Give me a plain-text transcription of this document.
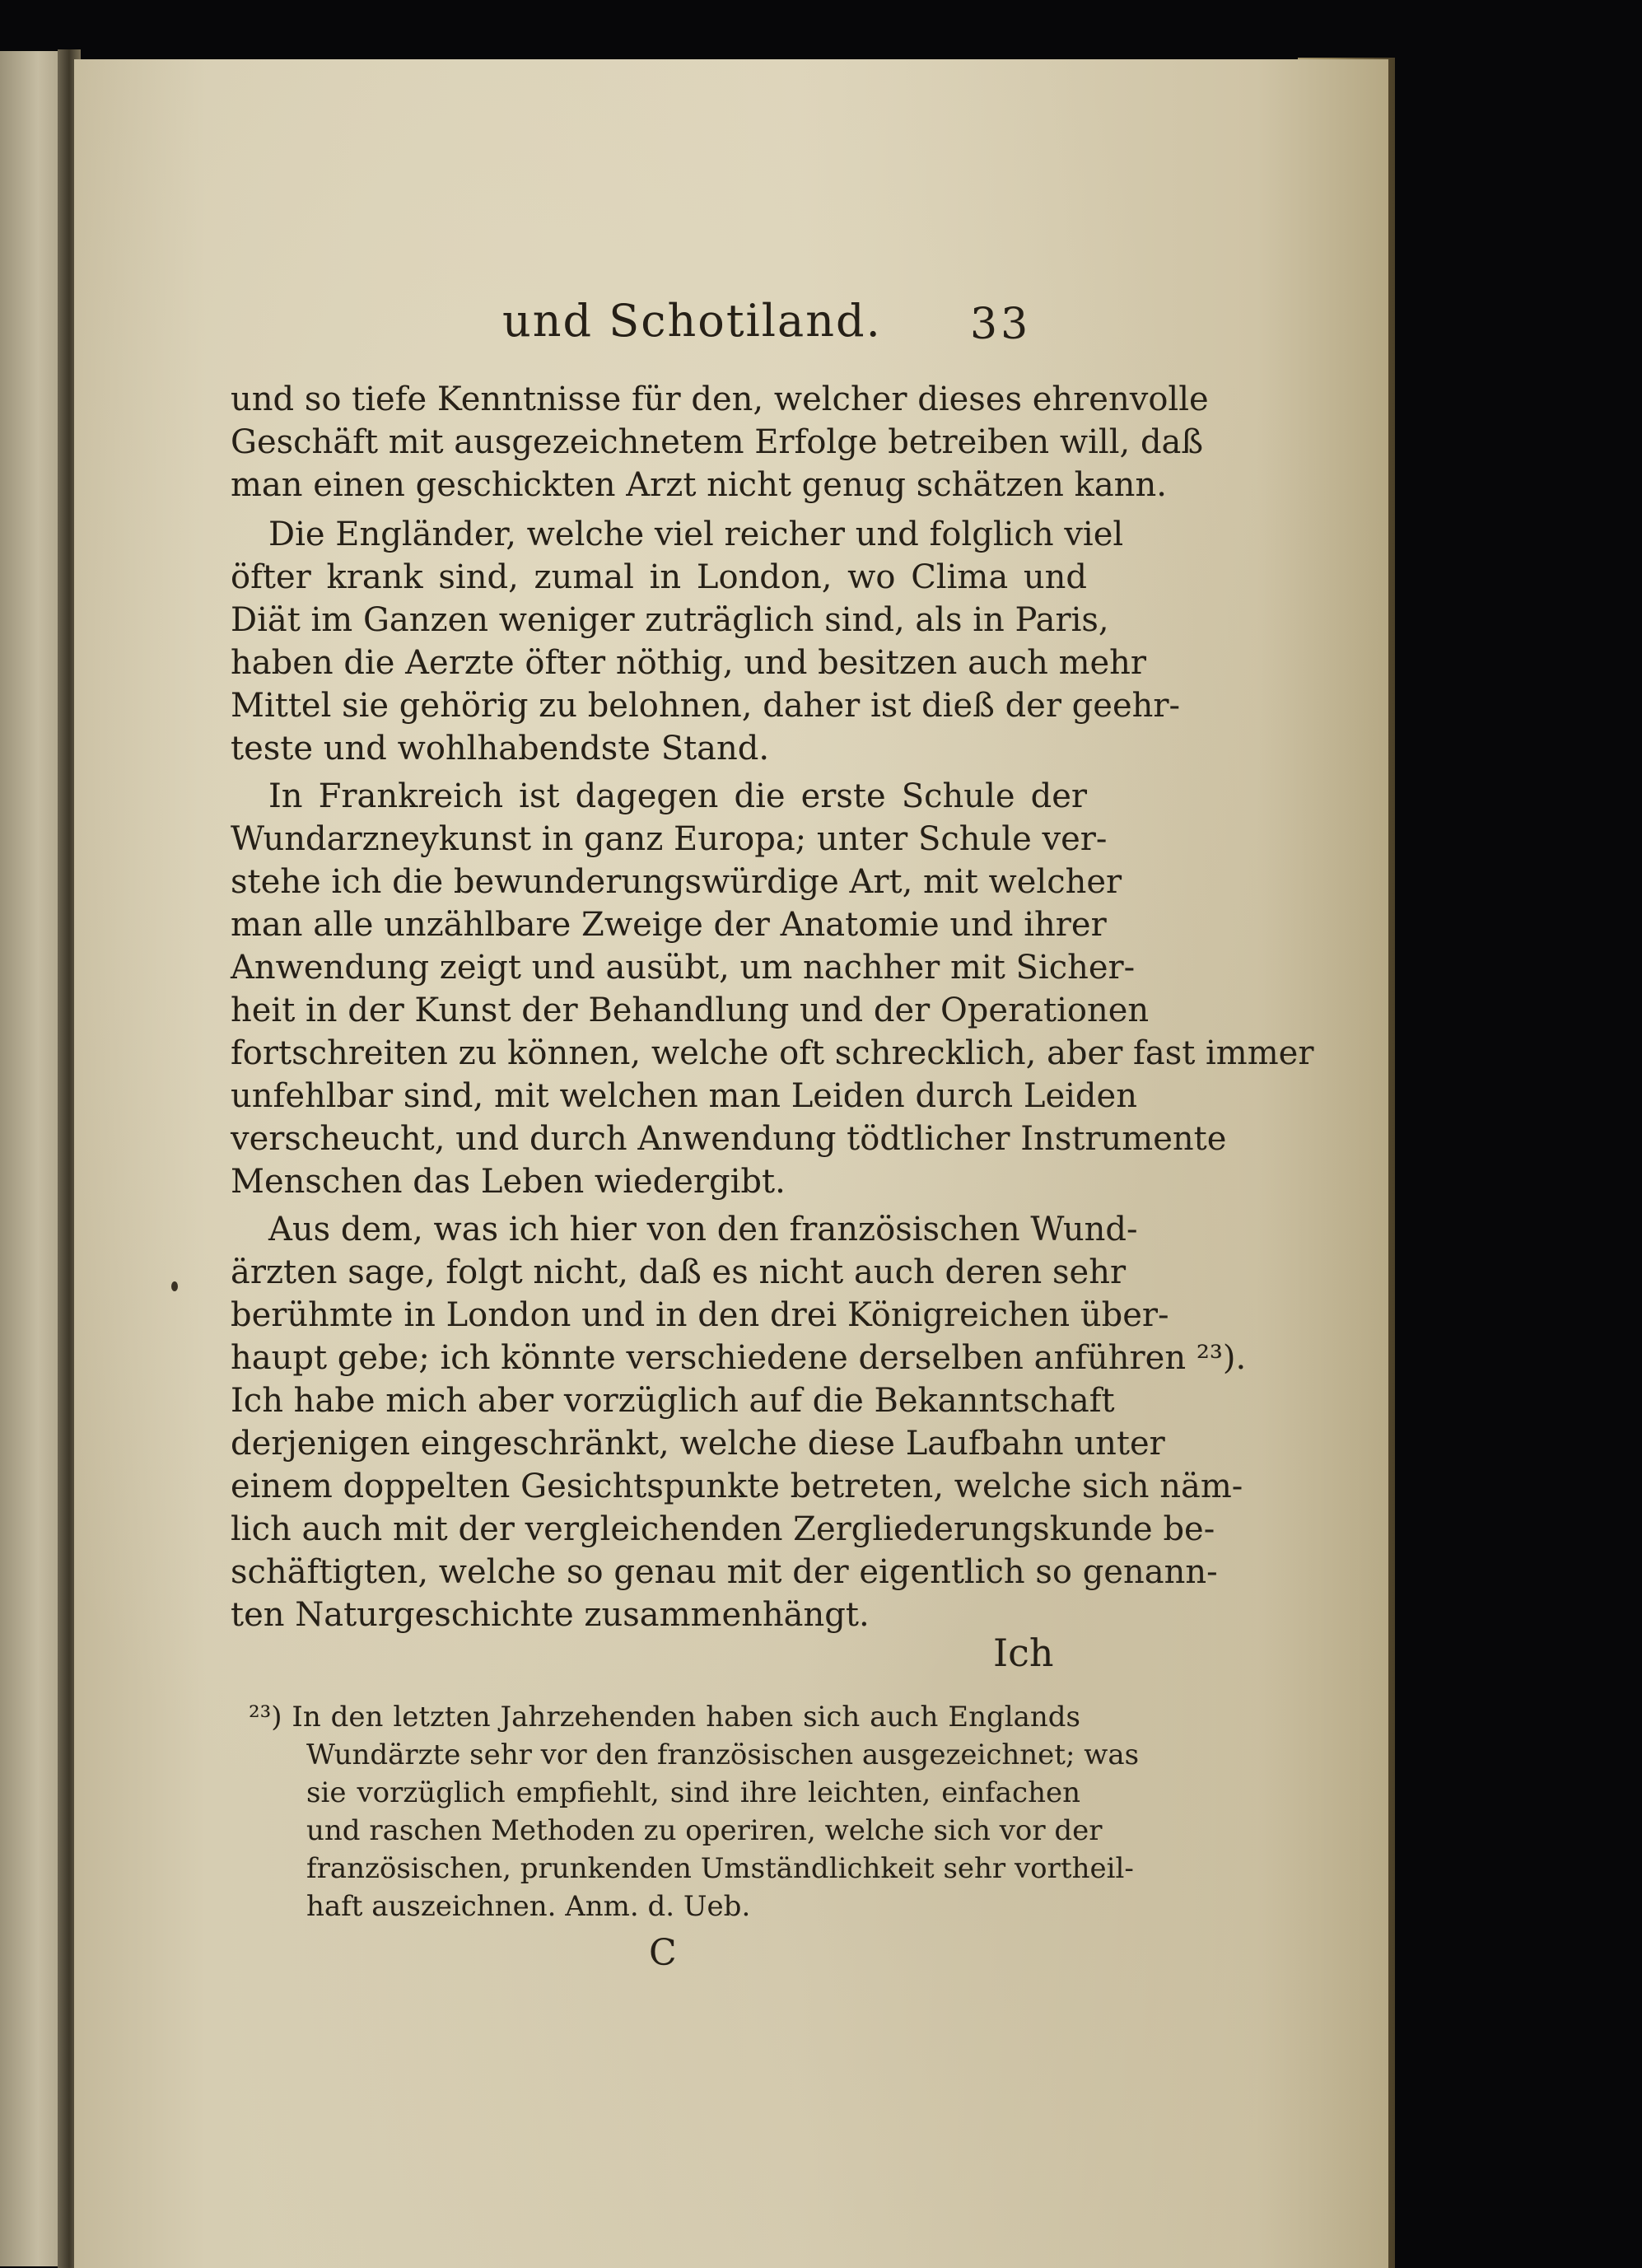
und Schotiland. 33
und so tiefe Kenntnisse für den, welcher dieses ehrenvolle
Geschäft mit ausgezeichnetem Erfolge betreiben will, daß
man einen geschickten Arzt nicht genug schätzen kann.
Die Engländer, welche viel reicher und folglich viel
öfter krank sind, zumal in London, wo Clima und
Diät im Ganzen weniger zuträglich sind, als in Paris,
haben die Aerzte öfter nöthig, und besitzen auch mehr
Mittel sie gehörig zu belohnen, daher ist dieß der geehr-
teste und wohlhabendste Stand.
In Frankreich ist dagegen die erste Schule der
Wundarzneykunst in ganz Europa; unter Schule ver-
stehe ich die bewunderungswürdige Art, mit welcher
man alle unzählbare Zweige der Anatomie und ihrer
Anwendung zeigt und ausübt, um nachher mit Sicher-
heit in der Kunst der Behandlung und der Operationen
fortschreiten zu können, welche oft schrecklich, aber fast immer
unfehlbar sind, mit welchen man Leiden durch Leiden
verscheucht, und durch Anwendung tödtlicher Instrumente
Menschen das Leben wiedergibt.
Aus dem, was ich hier von den französischen Wund-
ärzten sage, folgt nicht, daß es nicht auch deren sehr
berühmte in London und in den drei Königreichen über-
haupt gebe; ich könnte verschiedene derselben anführen ²³).
Ich habe mich aber vorzüglich auf die Bekanntschaft
derjenigen eingeschränkt, welche diese Laufbahn unter
einem doppelten Gesichtspunkte betreten, welche sich näm-
lich auch mit der vergleichenden Zergliederungskunde be-
schäftigten, welche so genau mit der eigentlich so genann-
ten Naturgeschichte zusammenhängt.
Ich
²³) In den letzten Jahrzehenden haben sich auch Englands
Wundärzte sehr vor den französischen ausgezeichnet; was
sie vorzüglich empfiehlt, sind ihre leichten, einfachen
und raschen Methoden zu operiren, welche sich vor der
französischen, prunkenden Umständlichkeit sehr vortheil-
haft auszeichnen. Anm. d. Ueb.
C
